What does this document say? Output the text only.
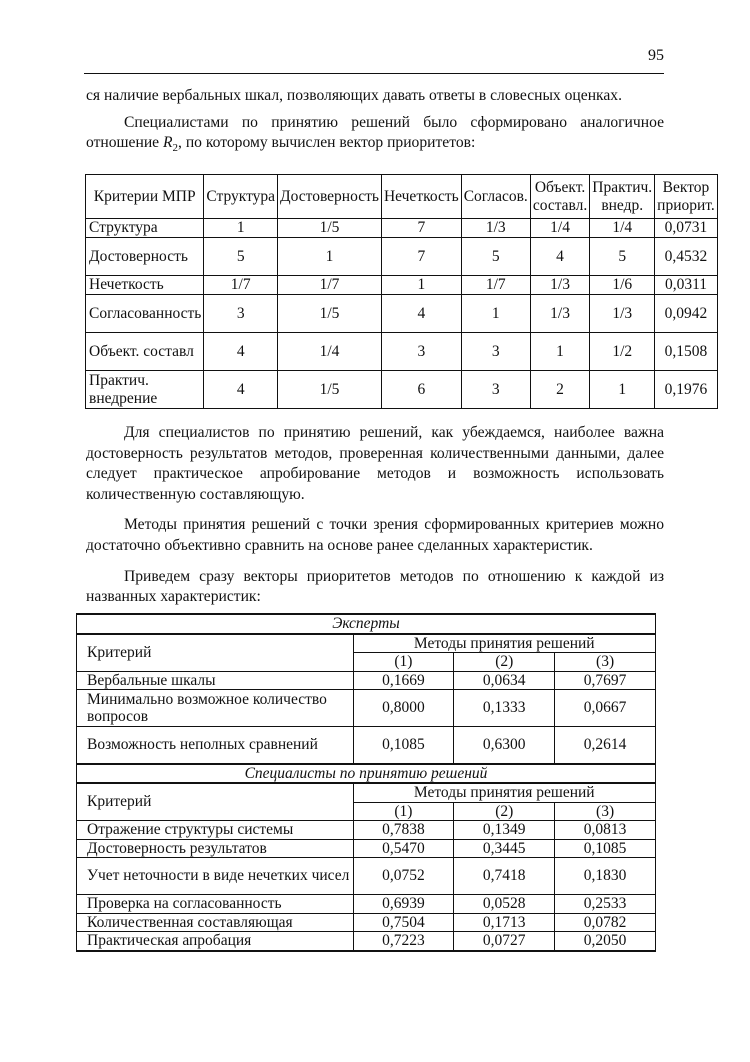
95

ся наличие вербальных шкал, позволяющих давать ответы в словесных оценках.

Специалистами по принятию решений было сформировано аналогичное отношение $R_2$, по которому вычислен вектор приоритетов:

Критерии МПР	Структура	Достоверность	Нечеткость	Согласов.	Объект. составл.	Практич. внедр.	Вектор приорит.
Структура	1	1/5	7	1/3	1/4	1/4	0,0731
Достоверность	5	1	7	5	4	5	0,4532
Нечеткость	1/7	1/7	1	1/7	1/3	1/6	0,0311
Согласованность	3	1/5	4	1	1/3	1/3	0,0942
Объект. составл	4	1/4	3	3	1	1/2	0,1508
Практич. внедрение	4	1/5	6	3	2	1	0,1976

Для специалистов по принятию решений, как убеждаемся, наиболее важна достоверность результатов методов, проверенная количественными данными, далее следует практическое апробирование методов и возможность использовать количественную составляющую.

Методы принятия решений с точки зрения сформированных критериев можно достаточно объективно сравнить на основе ранее сделанных характеристик.

Приведем сразу векторы приоритетов методов по отношению к каждой из названных характеристик:

Эксперты			
Критерий	Методы принятия решений		
	(1)	(2)	(3)
Вербальные шкалы	0,1669	0,0634	0,7697
Минимально возможное количество вопросов	0,8000	0,1333	0,0667
Возможность неполных сравнений	0,1085	0,6300	0,2614
Специалисты по принятию решений			
Критерий	Методы принятия решений		
	(1)	(2)	(3)
Отражение структуры системы	0,7838	0,1349	0,0813
Достоверность результатов	0,5470	0,3445	0,1085
Учет неточности в виде нечетких чисел	0,0752	0,7418	0,1830
Проверка на согласованность	0,6939	0,0528	0,2533
Количественная составляющая	0,7504	0,1713	0,0782
Практическая апробация	0,7223	0,0727	0,2050
